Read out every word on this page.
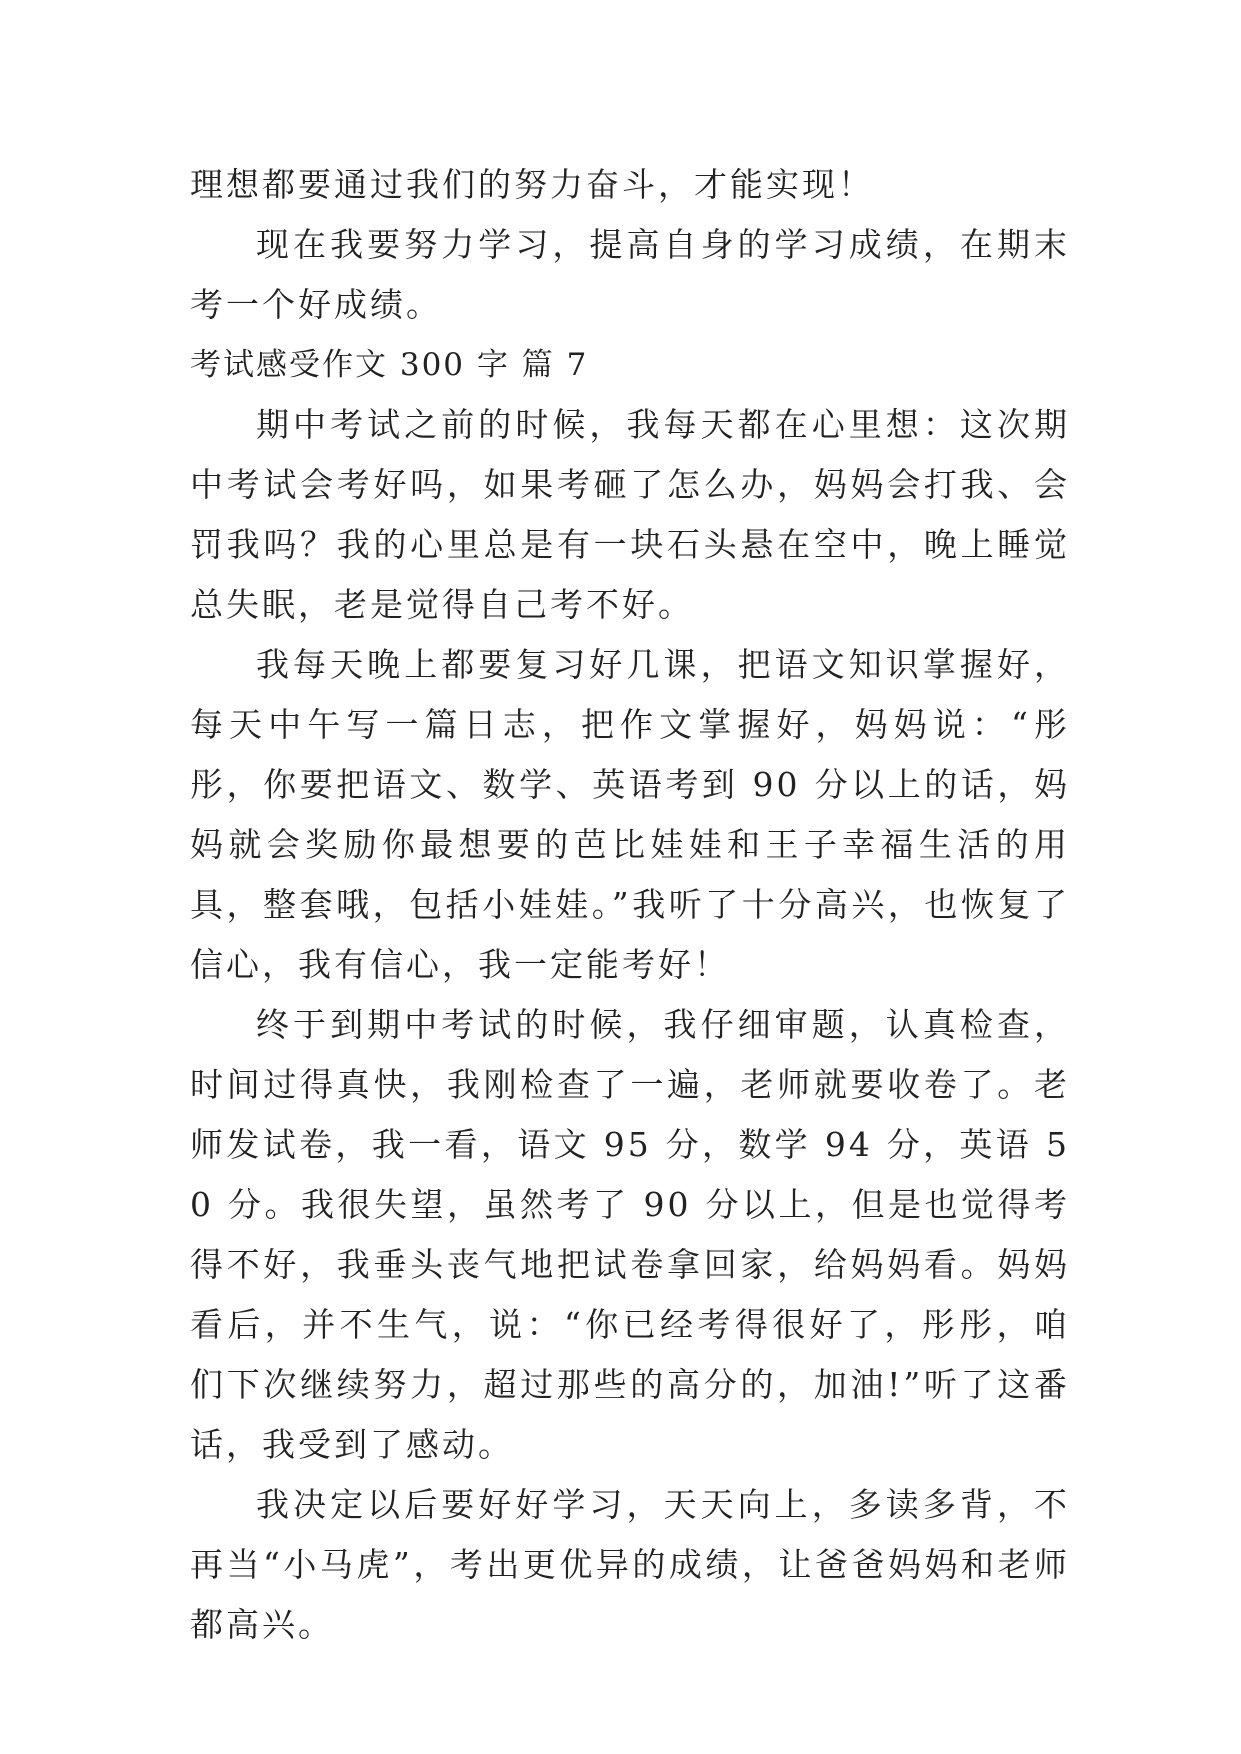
理想都要通过我们的努力奋斗，才能实现！

现在我要努力学习，提高自身的学习成绩，在期末考一个好成绩。

考试感受作文 300 字 篇 7

期中考试之前的时候，我每天都在心里想：这次期中考试会考好吗，如果考砸了怎么办，妈妈会打我、会罚我吗？我的心里总是有一块石头悬在空中，晚上睡觉 总失眠，老是觉得自己考不好。

我每天晚上都要复习好几课，把语文知识掌握好，每天中午写一篇日志，把作文掌握好，妈妈说：“彤彤，你要把语文、数学、英语考到 90 分以上的话，妈妈就会奖励你最想要的芭比娃娃和王子幸福生活的用具，整套哦，包括小娃娃。”我听了十分高兴，也恢复了信心，我有信心，我一定能考好！

终于到期中考试的时候，我仔细审题，认真检查，时间过得真快，我刚检查了一遍，老师就要收卷了。老师发试卷，我一看，语文 95 分，数学 94 分，英语 50 分。我很失望，虽然考了 90 分以上，但是也觉得考得不好，我垂头丧气地把试卷拿回家，给妈妈看。妈妈看后，并不生气，说：“你已经考得很好了，彤彤，咱们下次继续努力，超过那些的高分的，加油!”听了这番话，我受到了感动。

我决定以后要好好学习，天天向上，多读多背，不再当“小马虎”，考出更优异的成绩，让爸爸妈妈和老师都高兴。
